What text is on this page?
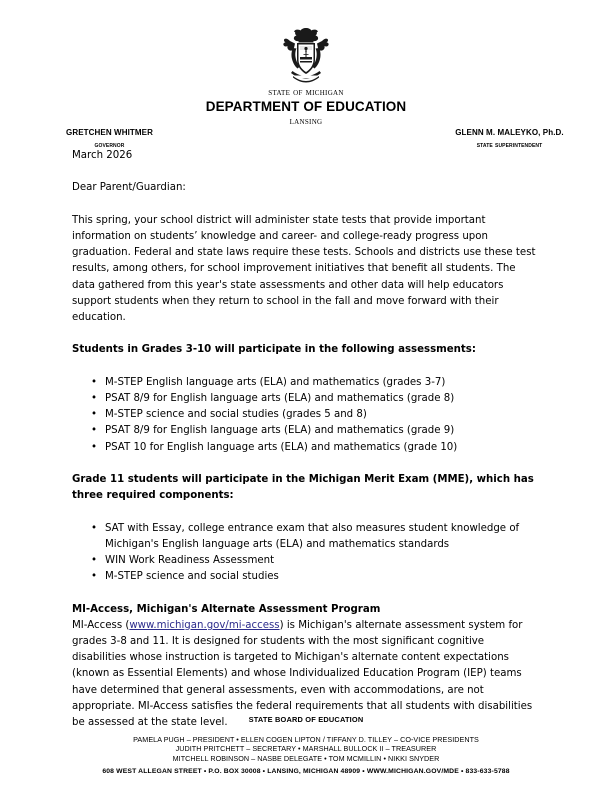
state of michigan
DEPARTMENT OF EDUCATION
lansing
GRETCHEN WHITMER
governor
GLENN M. MALEYKO, Ph.D.
state superintendent

March 2026

Dear Parent/Guardian:

This spring, your school district will administer state tests that provide important information on students’ knowledge and career- and college-ready progress upon graduation. Federal and state laws require these tests. Schools and districts use these test results, among others, for school improvement initiatives that benefit all students. The data gathered from this year's state assessments and other data will help educators support students when they return to school in the fall and move forward with their education.

Students in Grades 3-10 will participate in the following assessments:
• M-STEP English language arts (ELA) and mathematics (grades 3-7)
• PSAT 8/9 for English language arts (ELA) and mathematics (grade 8)
• M-STEP science and social studies (grades 5 and 8)
• PSAT 8/9 for English language arts (ELA) and mathematics (grade 9)
• PSAT 10 for English language arts (ELA) and mathematics (grade 10)
Grade 11 students will participate in the Michigan Merit Exam (MME), which has three required components:
• SAT with Essay, college entrance exam that also measures student knowledge of Michigan's English language arts (ELA) and mathematics standards
• WIN Work Readiness Assessment
• M-STEP science and social studies
MI-Access, Michigan's Alternate Assessment Program

MI-Access (www.michigan.gov/mi-access) is Michigan's alternate assessment system for grades 3-8 and 11. It is designed for students with the most significant cognitive disabilities whose instruction is targeted to Michigan's alternate content expectations (known as Essential Elements) and whose Individualized Education Program (IEP) teams have determined that general assessments, even with accommodations, are not appropriate. MI-Access satisfies the federal requirements that all students with disabilities be assessed at the state level.	STATE BOARD OF EDUCATION
PAMELA PUGH – PRESIDENT • ELLEN COGEN LIPTON / TIFFANY D. TILLEY – CO-VICE PRESIDENTS
JUDITH PRITCHETT – SECRETARY • MARSHALL BULLOCK II – TREASURER
MITCHELL ROBINSON – NASBE DELEGATE • TOM MCMILLIN • NIKKI SNYDER
608 WEST ALLEGAN STREET • P.O. BOX 30008 • LANSING, MICHIGAN 48909 • WWW.MICHIGAN.GOV/MDE • 833-633-5788
